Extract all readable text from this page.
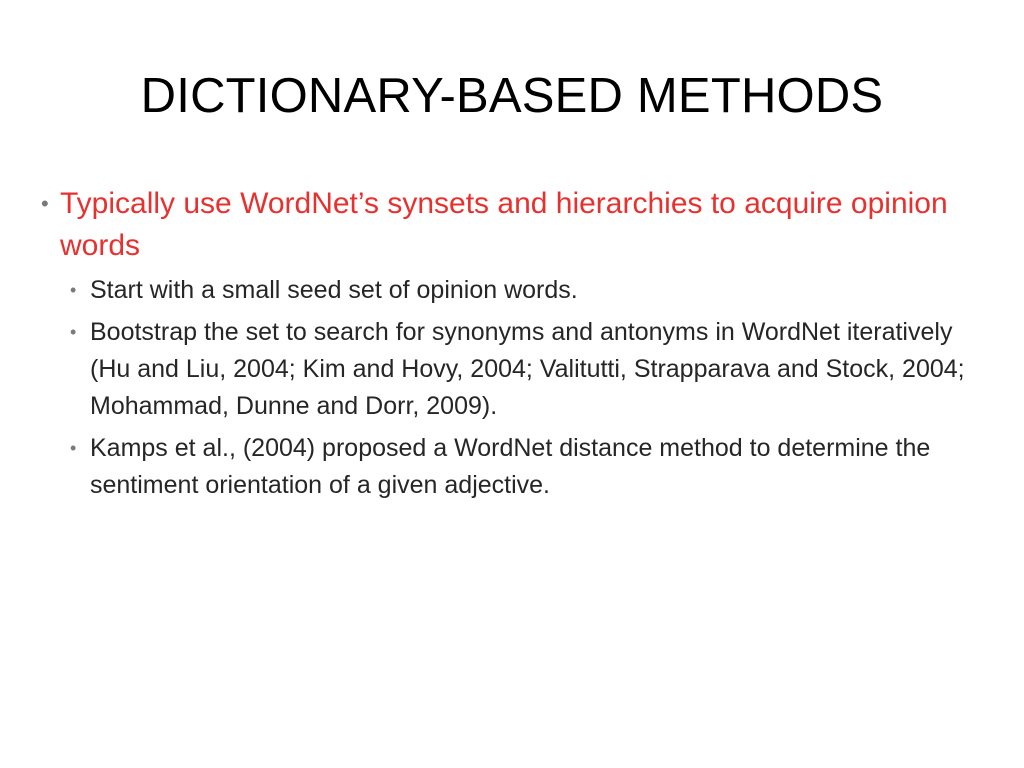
DICTIONARY-BASED METHODS
• Typically use WordNet’s synsets and hierarchies to acquire opinion words
• Start with a small seed set of opinion words.
• Bootstrap the set to search for synonyms and antonyms in WordNet iteratively (Hu and Liu, 2004; Kim and Hovy, 2004; Valitutti, Strapparava and Stock, 2004; Mohammad, Dunne and Dorr, 2009).
• Kamps et al., (2004) proposed a WordNet distance method to determine the sentiment orientation of a given adjective.
